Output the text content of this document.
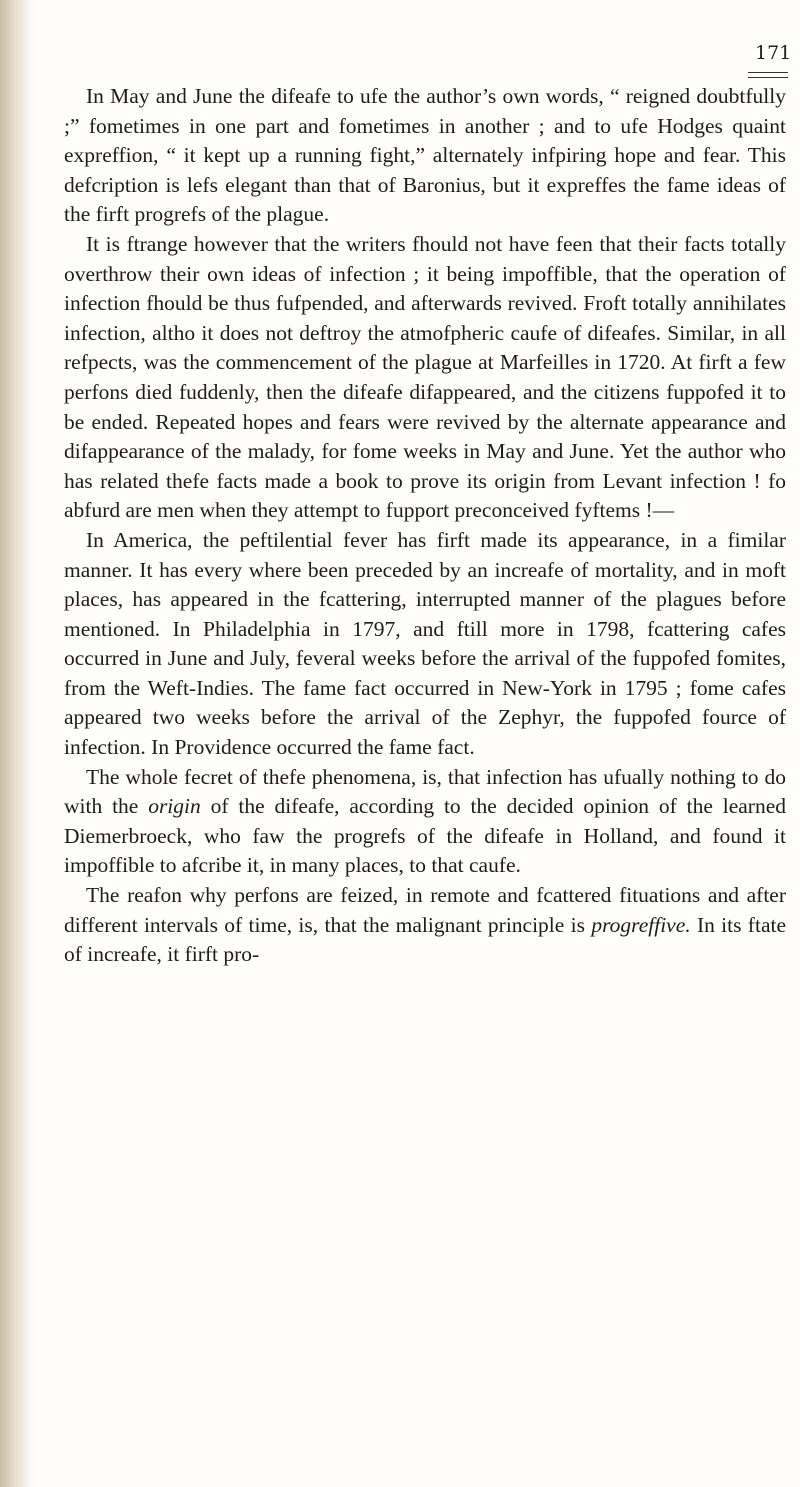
171

In May and June the difeafe to ufe the author’s own words, “ reigned doubtfully ;” fometimes in one part and fometimes in another ; and to ufe Hodges quaint expreffion, “ it kept up a running fight,” alternately infpiring hope and fear. This defcription is lefs elegant than that of Baronius, but it expreffes the fame ideas of the firft progrefs of the plague.

It is ftrange however that the writers fhould not have feen that their facts totally overthrow their own ideas of infection ; it being impoffible, that the operation of infection fhould be thus fufpended, and afterwards revived. Froft totally annihilates infection, altho it does not deftroy the atmofpheric caufe of difeafes. Similar, in all refpects, was the commencement of the plague at Marfeilles in 1720. At firft a few perfons died fuddenly, then the difeafe difappeared, and the citizens fuppofed it to be ended. Repeated hopes and fears were revived by the alternate appearance and difappearance of the malady, for fome weeks in May and June. Yet the author who has related thefe facts made a book to prove its origin from Levant infection ! fo abfurd are men when they attempt to fupport preconceived fyftems !—

In America, the peftilential fever has firft made its appearance, in a fimilar manner. It has every where been preceded by an increafe of mortality, and in moft places, has appeared in the fcattering, interrupted manner of the plagues before mentioned. In Philadelphia in 1797, and ftill more in 1798, fcattering cafes occurred in June and July, feveral weeks before the arrival of the fuppofed fomites, from the Weft-Indies. The fame fact occurred in New-York in 1795 ; fome cafes appeared two weeks before the arrival of the Zephyr, the fuppofed fource of infection. In Providence occurred the fame fact.

The whole fecret of thefe phenomena, is, that infection has ufually nothing to do with the origin of the difeafe, according to the decided opinion of the learned Diemerbroeck, who faw the progrefs of the difeafe in Holland, and found it impoffible to afcribe it, in many places, to that caufe.

The reafon why perfons are feized, in remote and fcattered fituations and after different intervals of time, is, that the malignant principle is progreffive. In its ftate of increafe, it firft pro-
